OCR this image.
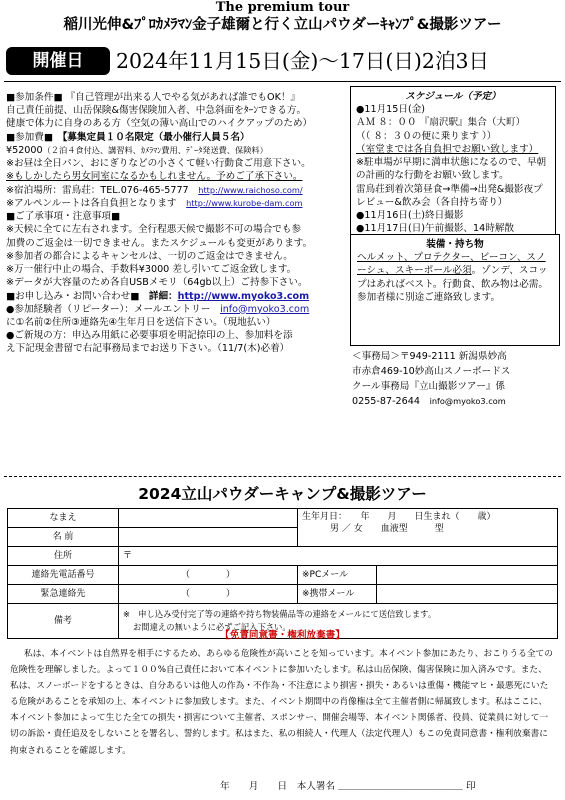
The premium tour
稲川光伸&ﾌﾟﾛｶﾒﾗﾏﾝ金子雄爾と行く立山パウダーｷｬﾝﾌﾟ&撮影ツアー
開催日	2024年11月15日(金)～17日(日)2泊3日

■参加条件■ 『自己管理が出来る人でやる気があれば誰でもOK！』

自己責任前提、山岳保険&傷害保険加入者、中急斜面をﾀｰﾝできる方。

健康で体力に自身のある方（空気の薄い高山でのハイクアップのため）

■参加費■　 【募集定員１０名限定（最小催行人員５名）

¥52000（２泊４食付込、講習料、ｶﾒﾗﾏﾝ費用、ﾃﾞｰﾀ発送費、保険料）

※お昼は全日パン、おにぎりなどの小さくて軽い行動食ご用意下さい。

※もしかしたら男女同室になるかもしれません。予めご了承下さい。

※宿泊場所：雷鳥荘：TEL.076-465-5777　 http://www.raichoso.com/

※アルペンルートは各自負担となります　 http://www.kurobe-dam.com

■ご了承事項・注意事項■

※天候に全てに左右されます。全行程悪天候で撮影不可の場合でも参

加費のご返金は一切できません。またスケジュールも変更があります。

※参加者の都合によるキャンセルは、一切のご返金はできません。

※万一催行中止の場合、手数料¥3000 差し引いてご返金致します。

※データが大容量のため各自USBメモリ（64gb以上）ご持参下さい。

■お申し込み・お問い合わせ■　 詳細：http://www.myoko3.com

●参加経験者（リピーター）：メールエントリー　 info@myoko3.com

に①名前②住所③連絡先④生年月日を送信下さい。（現地払い）

●ご新規の方：申込み用紙に必要事項を明記捺印の上、参加料を添

え下記現金書留で右記事務局までお送り下さい。（11/7(木)必着）

スケジュール（予定）

●11月15日(金)

ＡＭ ８：００ 『扇沢駅』集合（大町）

（（ ８：３０の便に乗ります ））

（室堂までは各自負担でお願い致します）

※駐車場が早期に満車状態になるので、早朝の計画的な行動をお願い致します。

雷鳥荘到着次第昼食→準備→出発&撮影夜プレビュー&飲み会（各自持ち寄り）

●11月16日(土)終日撮影

●11月17日(日)午前撮影、14時解散

装備・持ち物

ヘルメット、プロテクター、ビーコン、スノーシュ、スキーポール必須。ゾンデ、スコップはあればベスト。行動食、飲み物は必需。参加者様に別途ご連絡致します。

＜事務局＞〒949-2111 新潟県妙高

市赤倉469-10妙高山スノーボードス

クール事務局『立山撮影ツアー』係

0255-87-2644　 info@myoko3.com

2024立山パウダーキャンプ&撮影ツアー
なまえ		生年月日：　　年　　月　　日生まれ（　　歳）
男 ／ 女　　血液型　　　型	

名 前			
住所	〒		
連絡先電話番号	（　　　　）	※PCメール	
緊急連絡先	（　　　　）	※携帯メール	
備考	※　申し込み受付完了等の連絡や持ち物装備品等の連絡をメールにて送信致します。
お間違えの無いように必ずご記入下さい。		
【免責同意書・権利放棄書】
私は、本イベントは自然界を相手にするため、あらゆる危険性が高いことを知っています。本イベント参加にあたり、おこりうる全ての危険性を理解しました。よって１００%自己責任において本イベントに参加いたします。私は山岳保険、傷害保険に加入済みです。また、私は、スノーボードをするときは、自分あるいは他人の作為・不作為・不注意により損害・損失・あるいは重傷・機能マヒ・最悪死にいたる危険があることを承知の上、本イベントに参加致します。また、イベント期間中の肖像権は全て主催者側に帰属致します。私はここに、本イベント参加によって生じた全ての損失・損害について主催者、スポンサー、開催会場等、本イベント関係者、役員、従業員に対して一切の訴訟・責任追及をしないことを署名し、誓約します。私はまた、私の相続人・代理人（法定代理人）もこの免責同意書・権利放棄書に拘束されることを確認します。
年　　月　　日　本人署名 ＿＿＿＿＿＿＿＿＿＿＿＿＿ 印
